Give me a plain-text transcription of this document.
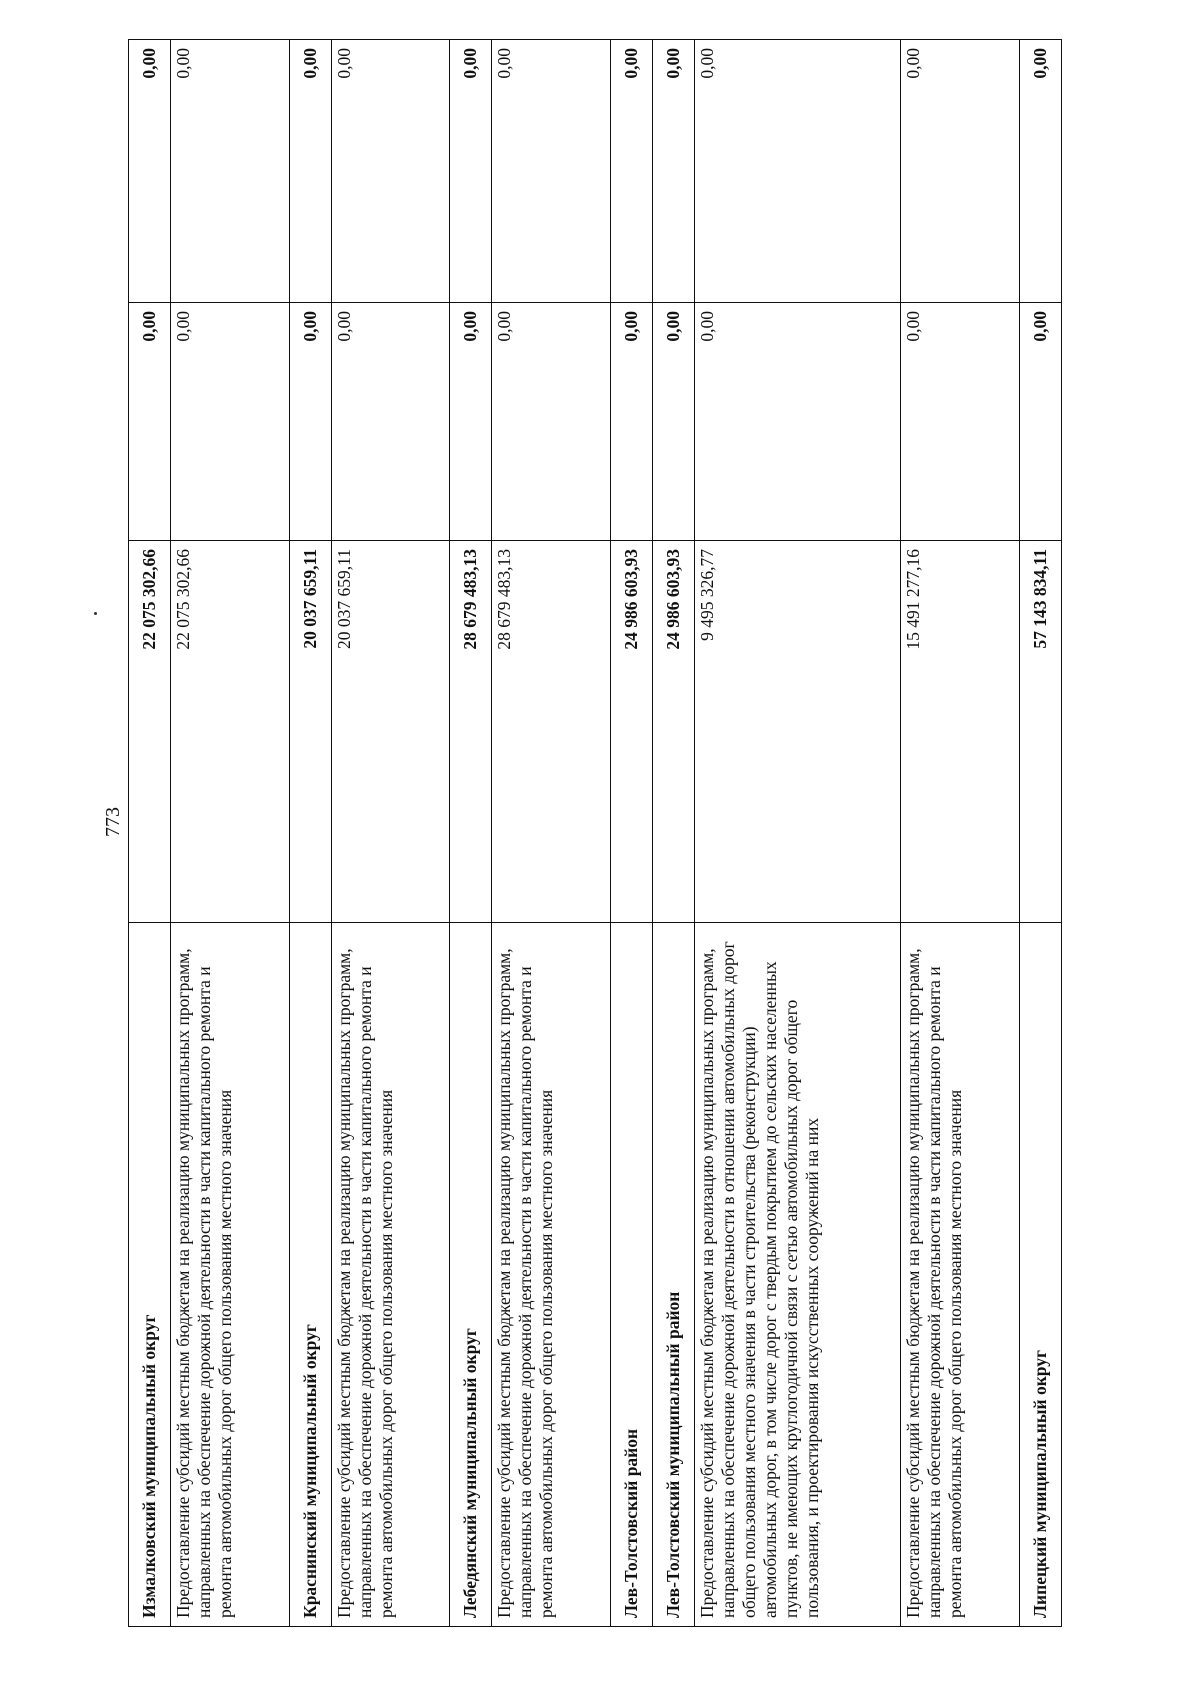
773
Измалковский муниципальный округ	22 075 302,66	0,00	0,00
Предоставление субсидий местным бюджетам на реализацию муниципальных программ, направленных на обеспечение дорожной деятельности в части капитального ремонта и ремонта автомобильных дорог общего пользования местного значения	22 075 302,66	0,00	0,00
Краснинский муниципальный округ	20 037 659,11	0,00	0,00
Предоставление субсидий местным бюджетам на реализацию муниципальных программ, направленных на обеспечение дорожной деятельности в части капитального ремонта и ремонта автомобильных дорог общего пользования местного значения	20 037 659,11	0,00	0,00
Лебедянский муниципальный округ	28 679 483,13	0,00	0,00
Предоставление субсидий местным бюджетам на реализацию муниципальных программ, направленных на обеспечение дорожной деятельности в части капитального ремонта и ремонта автомобильных дорог общего пользования местного значения	28 679 483,13	0,00	0,00
Лев-Толстовский район	24 986 603,93	0,00	0,00
Лев-Толстовский муниципальный район	24 986 603,93	0,00	0,00
Предоставление субсидий местным бюджетам на реализацию муниципальных программ, направленных на обеспечение дорожной деятельности в отношении автомобильных дорог общего пользования местного значения в части строительства (реконструкции) автомобильных дорог, в том числе дорог с твердым покрытием до сельских населенных пунктов, не имеющих круглогодичной связи с сетью автомобильных дорог общего пользования, и проектирования искусственных сооружений на них	9 495 326,77	0,00	0,00
Предоставление субсидий местным бюджетам на реализацию муниципальных программ, направленных на обеспечение дорожной деятельности в части капитального ремонта и ремонта автомобильных дорог общего пользования местного значения	15 491 277,16	0,00	0,00
Липецкий муниципальный округ	57 143 834,11	0,00	0,00
